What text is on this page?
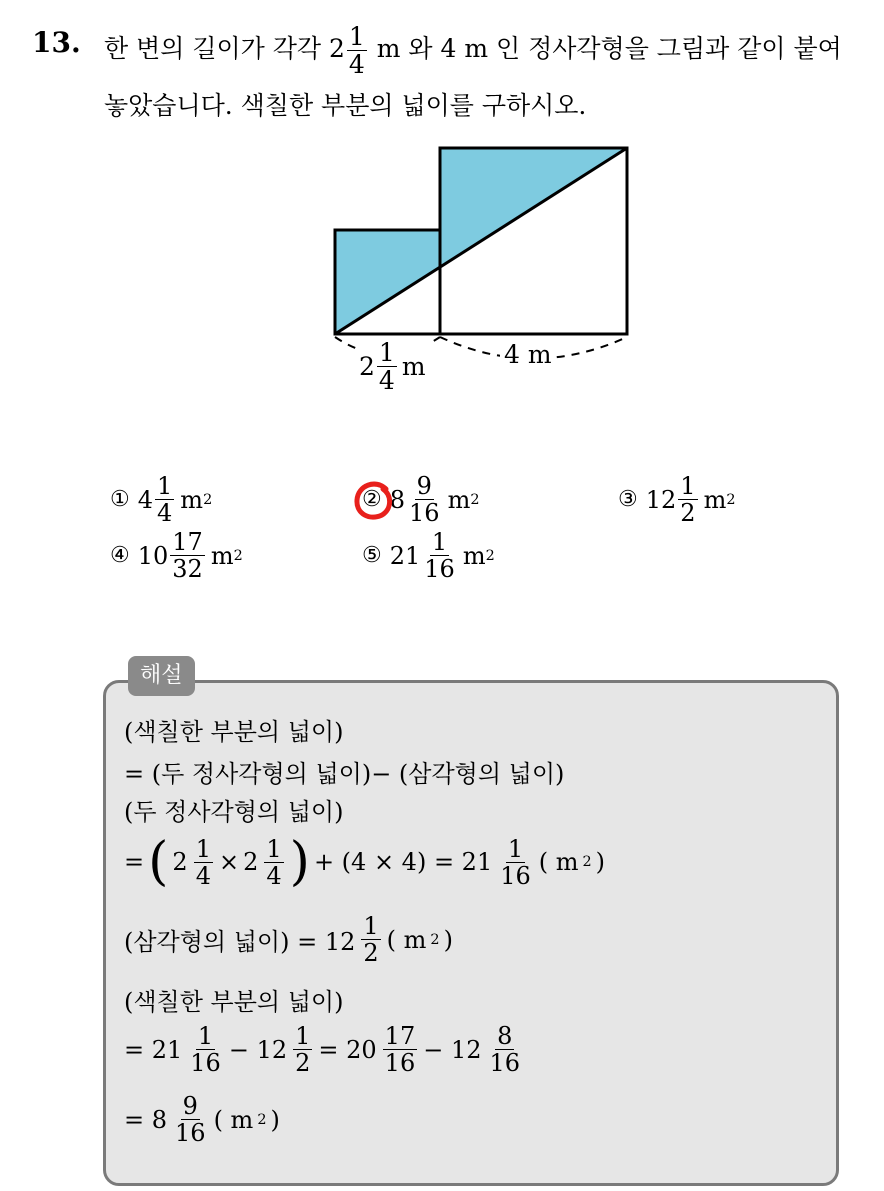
13. 한 변의 길이가 각각 $2 \frac{1}{4}$ m 와 4 m 인 정사각형을 그림과 같이 붙여
놓았습니다. 색칠한 부분의 넓이를 구하시오.
$2 \frac{1}{4}$ m	4 m
① $4 \frac{1}{4}$ m 2	② $8 \frac{9}{16}$ m 2	③ $12 \frac{1}{2}$ m 2
④ $10 \frac{17}{32}$ m 2	⑤ $21 \frac{1}{16}$ m 2
해설
(색칠한 부분의 넓이)
= (두 정사각형의 넓이)− (삼각형의 넓이)
(두 정사각형의 넓이)
= ( $2 \frac{1}{4} \times 2 \frac{1}{4}$ ) + $(4 \times 4) = 21 \frac{1}{16}$ ( m 2 )
(삼각형의 넓이) = $12 \frac{1}{2}$ ( m 2 )
(색칠한 부분의 넓이)
= $21 \frac{1}{16} - 12 \frac{1}{2} = 20 \frac{17}{16} - 12 \frac{8}{16}$
= $8 \frac{9}{16}$ ( m 2 )
